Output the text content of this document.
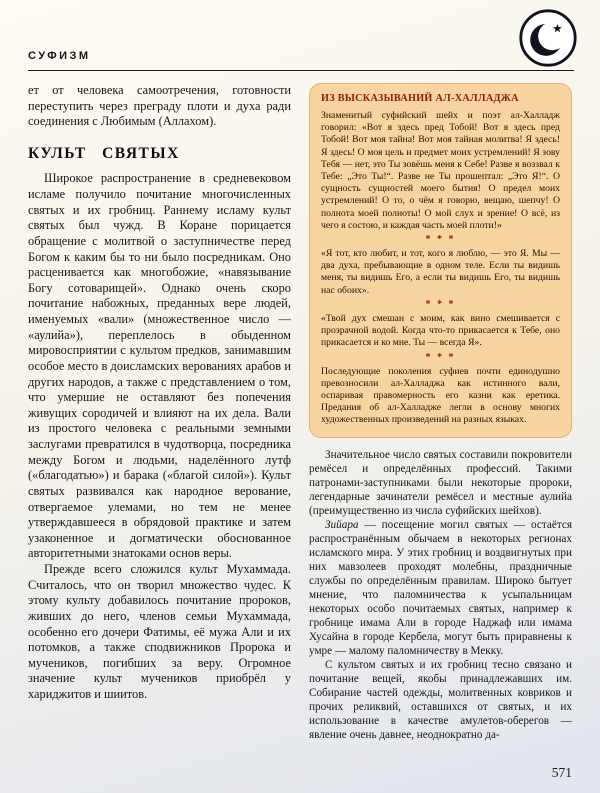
СУФИЗМ

ет от человека самоотречения, готовности переступить через преграду плоти и духа ради соединения с Любимым (Аллахом).

КУЛЬТ СВЯТЫХ

Широкое распространение в средневековом исламе получило почитание многочисленных святых и их гробниц. Раннему исламу культ святых был чужд. В Коране порицается обращение с молитвой о заступничестве перед Богом к каким бы то ни было посредникам. Оно расценивается как многобожие, «навязывание Богу сотоварищей». Однако очень скоро почитание набожных, преданных вере людей, именуемых «вали» (множественное число — «аулийа»), переплелось в обыденном мировосприятии с культом предков, занимавшим особое место в доисламских верованиях арабов и других народов, а также с представлением о том, что умершие не оставляют без попечения живущих сородичей и влияют на их дела. Вали из простого человека с реальными земными заслугами превратился в чудотворца, посредника между Богом и людьми, наделённого лутф («благодатью») и барака («благой силой»). Культ святых развивался как народное верование, отвергаемое улемами, но тем не менее утверждавшееся в обрядовой практике и затем узаконенное и догматически обоснованное авторитетными знатоками основ веры.

Прежде всего сложился культ Мухаммада. Считалось, что он творил множество чудес. К этому культу добавилось почитание пророков, живших до него, членов семьи Мухаммада, особенно его дочери Фатимы, её мужа Али и их потомков, а также сподвижников Пророка и мучеников, погибших за веру. Огромное значение культ мучеников приобрёл у хариджитов и шиитов.

ИЗ ВЫСКАЗЫВАНИЙ АЛ-ХАЛЛАДЖА

Знаменитый суфийский шейх и поэт ал-Халладж говорил: «Вот я здесь пред Тобой! Вот я здесь пред Тобой! Вот моя тайна! Вот моя тайная молитва! Я здесь! Я здесь! О моя цель и предмет моих устремлений! Я зову Тебя — нет, это Ты зовёшь меня к Себе! Разве я воззвал к Тебе: „Это Ты!“. Разве не Ты прошептал: „Это Я!“. О сущность сущностей моего бытия! О предел моих устремлений! О то, о чём я говорю, вещаю, шепчу! О полнота моей полноты! О мой слух и зрение! О всё, из чего я состою, и каждая часть моей плоти!»

* * *

«Я тот, кто любит, и тот, кого я люблю, — это Я. Мы — два духа, пребывающие в одном теле. Если ты видишь меня, ты видишь Его, а если ты видишь Его, ты видишь нас обоих».

* * *

«Твой дух смешан с моим, как вино смешивается с прозрачной водой. Когда что-то прикасается к Тебе, оно прикасается и ко мне. Ты — всегда Я».

* * *

Последующие поколения суфиев почти единодушно превозносили ал-Халладжа как истинного вали, оспаривая правомерность его казни как еретика. Предания об ал-Халладже легли в основу многих художественных произведений на разных языках.

Значительное число святых составили покровители ремёсел и определённых профессий. Такими патронами-заступниками были некоторые пророки, легендарные зачинатели ремёсел и местные аулийа (преимущественно из числа суфийских шейхов).

Зийара — посещение могил святых — остаётся распространённым обычаем в некоторых регионах исламского мира. У этих гробниц и воздвигнутых при них мавзолеев проходят молебны, праздничные службы по определённым правилам. Широко бытует мнение, что паломничества к усыпальницам некоторых особо почитаемых святых, например к гробнице имама Али в городе Наджаф или имама Хусайна в городе Кербела, могут быть приравнены к умре — малому паломничеству в Мекку.

С культом святых и их гробниц тесно связано и почитание вещей, якобы принадлежавших им. Собирание частей одежды, молитвенных ковриков и прочих реликвий, оставшихся от святых, и их использование в качестве амулетов-оберегов — явление очень давнее, неоднократно да-

571
